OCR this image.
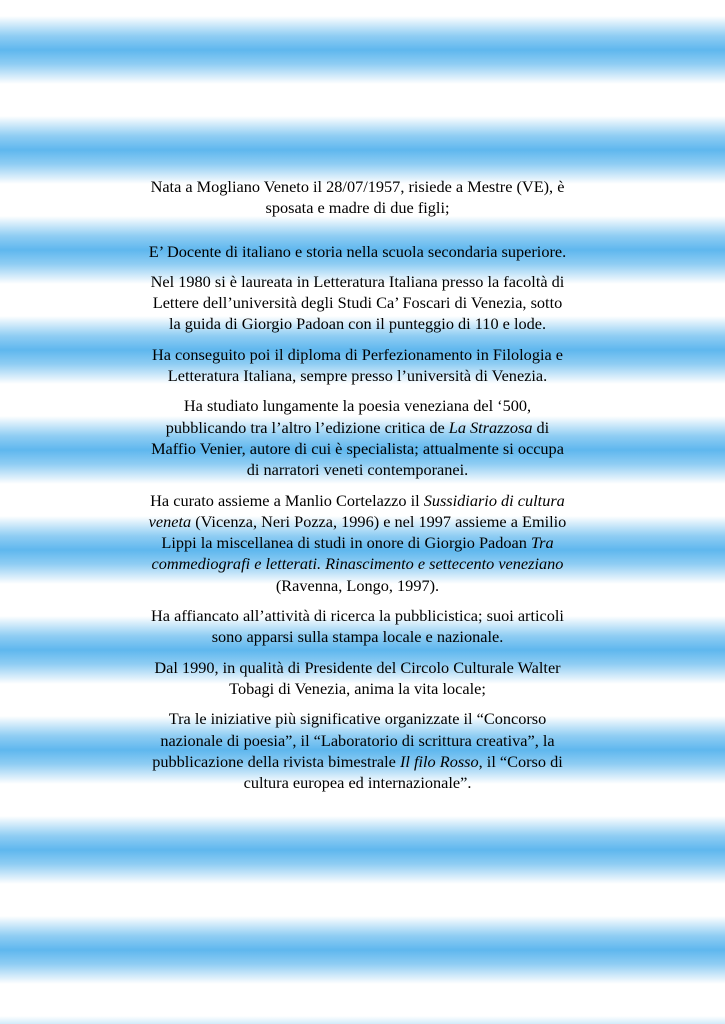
Nata a Mogliano Veneto il 28/07/1957, risiede a Mestre (VE), è sposata e madre di due figli;

E’ Docente di italiano e storia nella scuola secondaria superiore.

Nel 1980 si è laureata in Letteratura Italiana presso la facoltà di Lettere dell’università degli Studi Ca’ Foscari di Venezia, sotto la guida di Giorgio Padoan con il punteggio di 110 e lode.

Ha conseguito poi il diploma di Perfezionamento in Filologia e Letteratura Italiana, sempre presso l’università di Venezia.

Ha studiato lungamente la poesia veneziana del ‘500, pubblicando tra l’altro l’edizione critica de La Strazzosa di Maffio Venier, autore di cui è specialista; attualmente si occupa di narratori veneti contemporanei.

Ha curato assieme a Manlio Cortelazzo il Sussidiario di cultura veneta (Vicenza, Neri Pozza, 1996) e nel 1997 assieme a Emilio Lippi la miscellanea di studi in onore di Giorgio Padoan Tra commediografi e letterati. Rinascimento e settecento veneziano (Ravenna, Longo, 1997).

Ha affiancato all’attività di ricerca la pubblicistica; suoi articoli sono apparsi sulla stampa locale e nazionale.

Dal 1990, in qualità di Presidente del Circolo Culturale Walter Tobagi di Venezia, anima la vita locale;

Tra le iniziative più significative organizzate il “Concorso nazionale di poesia”, il “Laboratorio di scrittura creativa”, la pubblicazione della rivista bimestrale Il filo Rosso, il “Corso di cultura europea ed internazionale”.
